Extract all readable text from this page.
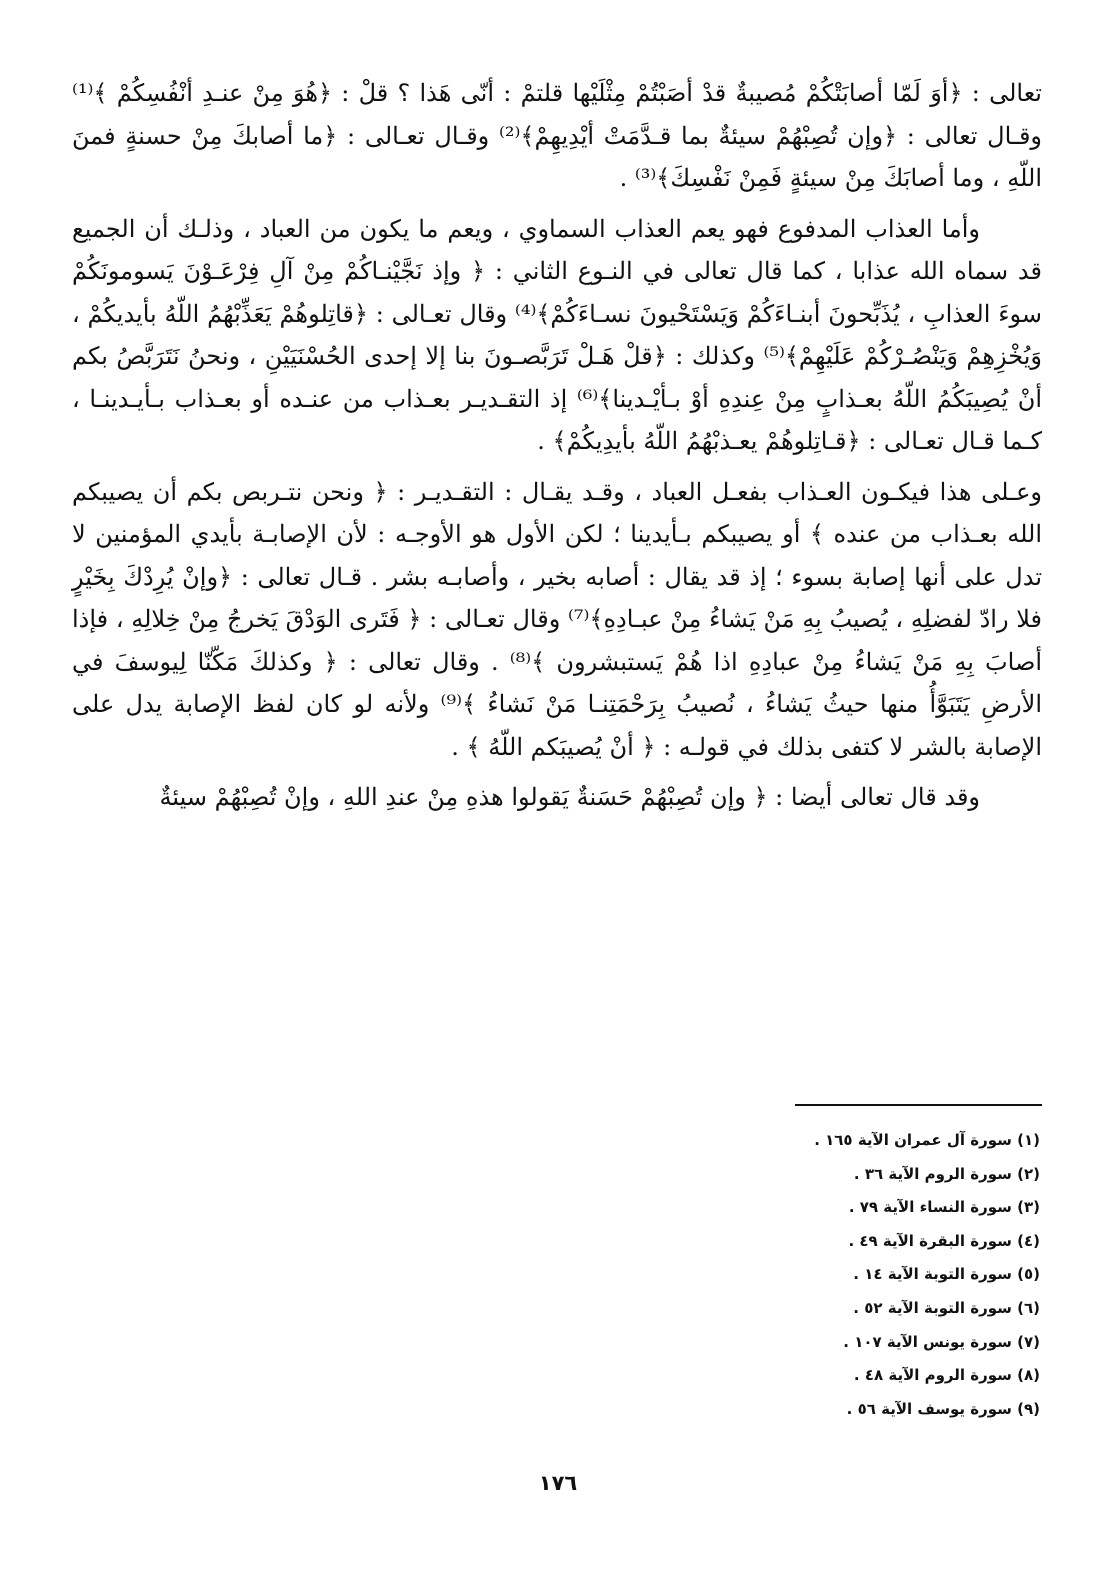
تعالى : ﴿أوَ لَمّا أصابَتْكُمْ مُصيبةٌ قدْ أصَبْتُمْ مِثْلَيْها قلتمْ : أنّى هَذا ؟ قلْ : ﴿هُوَ مِنْ عنـدِ أنْفُسِكُمْ ﴾⁽¹⁾ وقـال تعالى : ﴿وإن تُصِبْهُمْ سيئةٌ بما قـدَّمَتْ أيْدِيهِمْ﴾⁽²⁾ وقـال تعـالى : ﴿ما أصابكَ مِنْ حسنةٍ فمنَ اللّهِ ، وما أصابَكَ مِنْ سيئةٍ فَمِنْ نَفْسِكَ﴾⁽³⁾ .

وأما العذاب المدفوع فهو يعم العذاب السماوي ، ويعم ما يكون من العباد ، وذلـك أن الجميع قد سماه الله عذابا ، كما قال تعالى في النـوع الثاني : ﴿ وإذ نَجَّيْنـاكُمْ مِنْ آلِ فِرْعَـوْنَ يَسومونَكُمْ سوءَ العذابِ ، يُذَبِّحونَ أبنـاءَكُمْ وَيَسْتَحْيونَ نسـاءَكُمْ﴾⁽⁴⁾ وقال تعـالى : ﴿قاتِلوهُمْ يَعَذِّبْهُمُ اللّهُ بأيديكُمْ ، وَيُخْزِهِمْ وَيَنْصُـرْكُمْ عَلَيْهِمْ﴾⁽⁵⁾ وكذلك : ﴿قلْ هَـلْ تَرَبَّصـونَ بنا إلا إحدى الحُسْنَيَيْنِ ، ونحنُ نَتَرَبَّصُ بكم أنْ يُصِيبَكُمُ اللّهُ بعـذابٍ مِنْ عِندِهِ أوْ بـأيْـدينا﴾⁽⁶⁾ إذ التقـديـر بعـذاب من عنـده أو بعـذاب بـأيـدينـا ، كـما قـال تعـالى : ﴿قـاتِلوهُمْ يعـذبْهُمُ اللّهُ بأيدِيكُمْ﴾ .

وعـلى هذا فيكـون العـذاب بفعـل العباد ، وقـد يقـال : التقـديـر : ﴿ ونحن نتـربص بكم أن يصيبكم الله بعـذاب من عنده ﴾ أو يصيبكم بـأيدينا ؛ لكن الأول هو الأوجـه : لأن الإصابـة بأيدي المؤمنين لا تدل على أنها إصابة بسوء ؛ إذ قد يقال : أصابه بخير ، وأصابـه بشر . قـال تعالى : ﴿وإنْ يُرِدْكَ بِخَيْرٍ فلا رادّ لفضلِهِ ، يُصيبُ بِهِ مَنْ يَشاءُ مِنْ عبـادِهِ﴾⁽⁷⁾ وقال تعـالى : ﴿ فَتَرى الوَدْقَ يَخرجُ مِنْ خِلالِهِ ، فإذا أصابَ بِهِ مَنْ يَشاءُ مِنْ عبادِهِ اذا هُمْ يَستبشرون ﴾⁽⁸⁾ . وقال تعالى : ﴿ وكذلكَ مَكّنّا لِيوسفَ في الأرضِ يَتَبَوَّأُ منها حيثُ يَشاءُ ، نُصيبُ بِرَحْمَتِنـا مَنْ نَشاءُ ﴾⁽⁹⁾ ولأنه لو كان لفظ الإصابة يدل على الإصابة بالشر لا كتفى بذلك في قولـه : ﴿ أنْ يُصيبَكم اللّهُ ﴾ .

وقد قال تعالى أيضا : ﴿ وإن تُصِبْهُمْ حَسَنةٌ يَقولوا هذهِ مِنْ عندِ اللهِ ، وإنْ تُصِبْهُمْ سيئةٌ

(١) سورة آل عمران الآية ١٦٥ .
(٢) سورة الروم الآية ٣٦ .
(٣) سورة النساء الآية ٧٩ .
(٤) سورة البقرة الآية ٤٩ .
(٥) سورة التوبة الآية ١٤ .
(٦) سورة التوبة الآية ٥٢ .
(٧) سورة يونس الآية ١٠٧ .
(٨) سورة الروم الآية ٤٨ .
(٩) سورة يوسف الآية ٥٦ .
١٧٦
